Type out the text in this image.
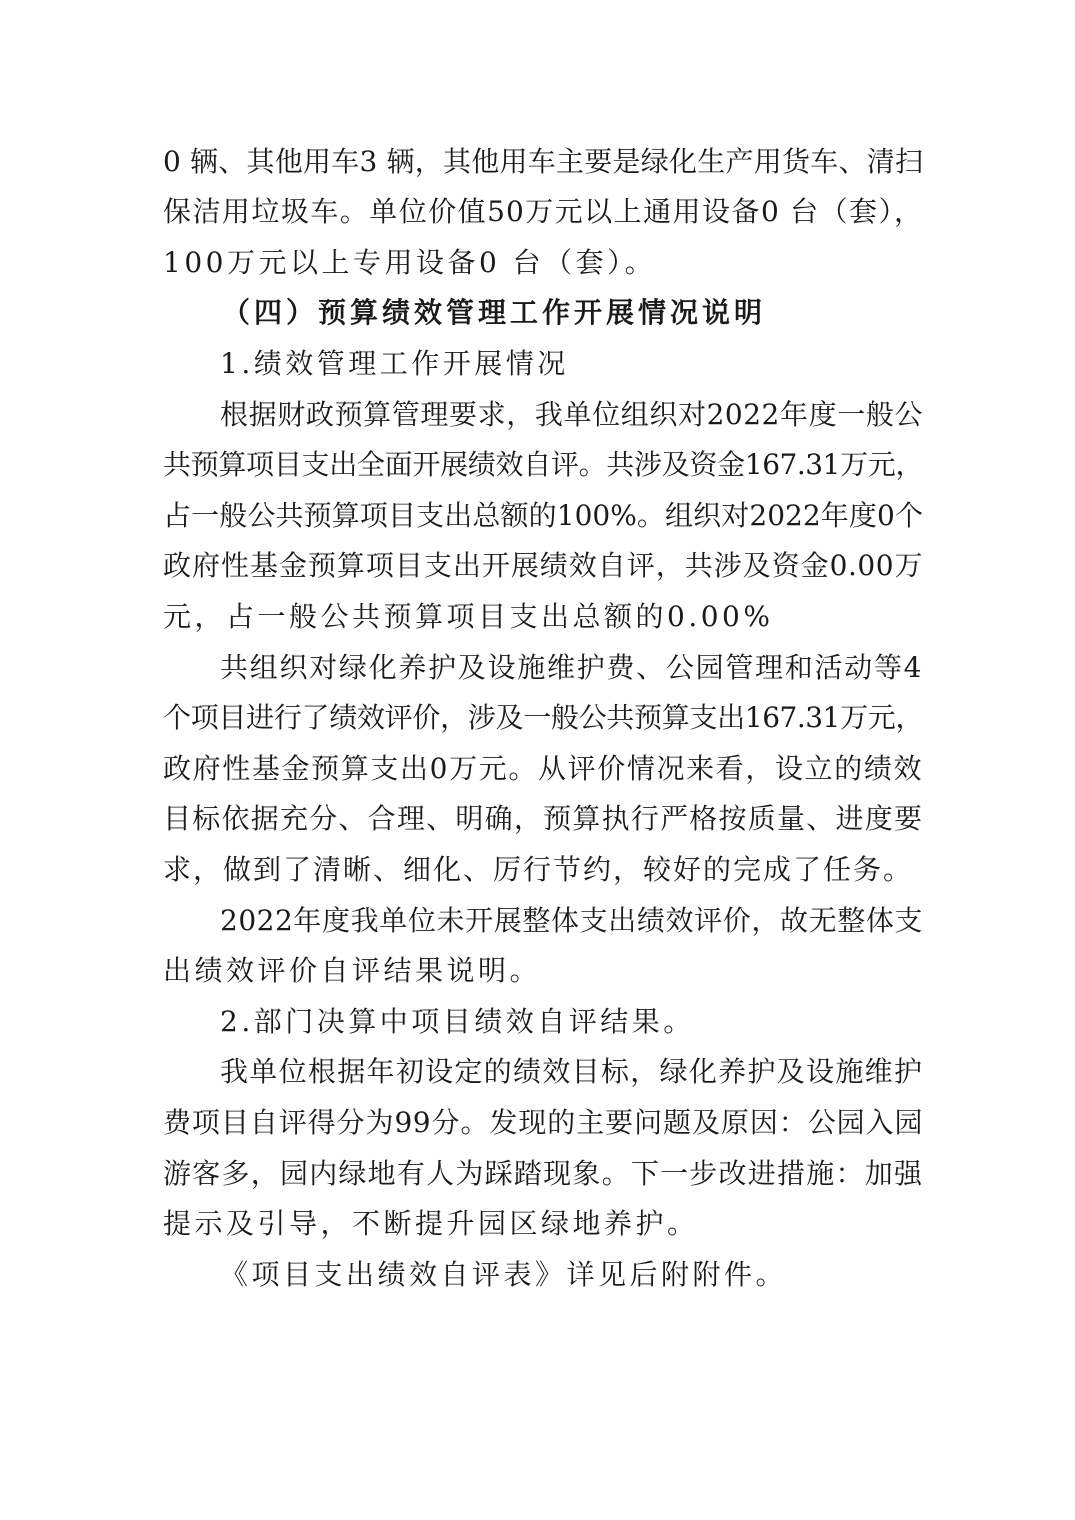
0 辆、其他用车3 辆，其他用车主要是绿化生产用货车、清扫
保洁用垃圾车。单位价值50万元以上通用设备0 台（套），
100万元以上专用设备0 台（套）。
（四）预算绩效管理工作开展情况说明
1.绩效管理工作开展情况
根据财政预算管理要求，我单位组织对2022年度一般公
共预算项目支出全面开展绩效自评。共涉及资金167.31万元，
占一般公共预算项目支出总额的100%。组织对2022年度0个
政府性基金预算项目支出开展绩效自评，共涉及资金0.00万
元，占一般公共预算项目支出总额的0.00%
共组织对绿化养护及设施维护费、公园管理和活动等4
个项目进行了绩效评价，涉及一般公共预算支出167.31万元，
政府性基金预算支出0万元。从评价情况来看，设立的绩效
目标依据充分、合理、明确，预算执行严格按质量、进度要
求，做到了清晰、细化、厉行节约，较好的完成了任务。
2022年度我单位未开展整体支出绩效评价，故无整体支
出绩效评价自评结果说明。
2.部门决算中项目绩效自评结果。
我单位根据年初设定的绩效目标，绿化养护及设施维护
费项目自评得分为99分。发现的主要问题及原因：公园入园
游客多，园内绿地有人为踩踏现象。下一步改进措施：加强
提示及引导，不断提升园区绿地养护。
《项目支出绩效自评表》详见后附附件。
